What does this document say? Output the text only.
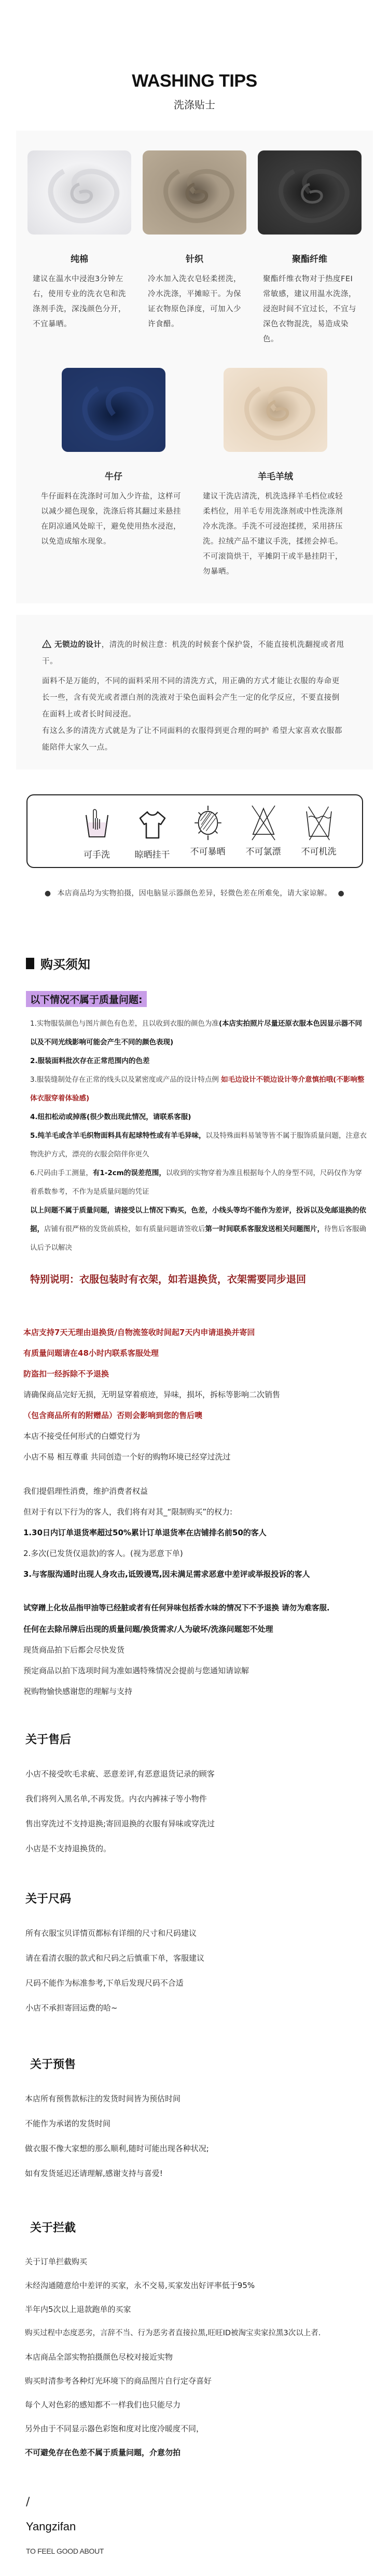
WASHING TIPS
洗涤贴士
纯棉
建议在温水中浸泡3分钟左右，使用专业的洗衣皂和洗涤剂手洗，深浅颜色分开，不宜暴晒。
针织
冷水加入洗衣皂轻柔搓洗，冷水洗涤，平摊晾干。为保证衣物原色泽度，可加入少许食醋。
聚酯纤维
聚酯纤维衣物对于热度FEI常敏感，建议用温水洗涤，浸泡时间不宜过长，不宜与深色衣物混洗，易造成染色。
牛仔
牛仔面料在洗涤时可加入少许盐，这样可以减少褪色现象，洗涤后将其翻过来悬挂在阴凉通风处晾干，避免使用热水浸泡，以免造成缩水现象。
羊毛羊绒
建议干洗店清洗，机洗选择羊毛档位或轻柔档位，用羊毛专用洗涤剂或中性洗涤剂冷水洗涤。手洗不可浸泡揉搓，采用挤压洗。拉绒产品不建议手洗，揉搓会掉毛。不可滚筒烘干，平摊阴干或半悬挂阴干，勿暴晒。

无锁边的设计，清洗的时候注意：机洗的时候套个保护袋，不能直接机洗翻搅或者甩干。

面料不是万能的，不同的面料采用不同的清洗方式，用正确的方式才能让衣服的寿命更长一些，含有荧光或者漂白剂的洗液对于染色面料会产生一定的化学反应，不要直接倒在面料上或者长时间浸泡。

有这么多的清洗方式就是为了让不同面料的衣服得到更合理的呵护 希望大家喜欢衣服都能陪伴大家久一点。

可手洗	晾晒挂干 不可暴晒 不可氯漂 不可机洗
● 本店商品均为实物拍摄，因电脑显示器颜色差异，轻微色差在所难免，请大家谅解。 ●
购买须知
以下情况不属于质量问题:
1.实物服装颜色与图片颜色有色差，且以收到衣服的颜色为准(本店实拍照片尽量还原衣服本色因显示器不同以及不同光线影响可能会产生不同的颜色表现)
2.服装面料批次存在正常范围内的色差
3.服装缝制处存在正常的线头以及紧密度或产品的设计特点例 如毛边设计不锁边设计等介意慎拍哦(不影响整体衣服穿着体验感)
4.纽扣松动或掉落(很少数出现此情况，请联系客服)
5.纯羊毛或含羊毛织物面料具有起球特性或有羊毛异味，以及特殊面料易皱等皆不属于服饰质量问题，注意衣物洗护方式，漂亮的衣服会陪伴你更久
6.尺码由手工测量，有1-2cm的误差范围，以收到的实物穿着为准且根据每个人的身型不同，尺码仅作为穿着系数参考，不作为是质量问题的凭证
以上问题不属于质量问题，请接受以上情况下购买，色差，小线头等均不能作为差评，投诉以及免邮退换的依据，店铺有很严格的发货前质检，如有质量问题请签收后第一时间联系客服发送相关问题图片，待售后客服确认后予以解决
特别说明：衣服包装时有衣架，如若退换货，衣架需要同步退回
本店支持7天无理由退换货/自物流签收时间起7天内申请退换并寄回
有质量问题请在48小时内联系客服处理
防盗扣一经拆除不予退换
请确保商品完好无损，无明显穿着痕迹，异味，损坏，拆标等影响二次销售
（包含商品所有的附赠品）否则会影响到您的售后噢
本店不接受任何形式的白嫖党行为
小店不易 相互尊重 共同创造一个好的购物环境已经穿过洗过
我们提倡理性消费，维护消费者权益
但对于有以下行为的客人，我们将有对其_“限制购买”的权力:
1.30日内订单退货率超过50%累计订单退货率在店铺排名前50的客人
2.多次(已发货仅退款)的客人。(视为恶意下单)
3.与客服沟通时出现人身攻击,诋毁谩骂,因未满足需求恶意中差评或举报投诉的客人
试穿蹭上化妆品指甲油等已经脏或者有任何异味包括香水味的情况下不予退换 请勿为难客服.
任何在去除吊牌后出现的质量问题/换货需求/人为破坏/洗涤问题恕不处理
现货商品拍下后都会尽快发货
预定商品以拍下选项时间为准如遇特殊情况会提前与您通知请谅解
祝购物愉快感谢您的理解与支持
关于售后
小店不接受吹毛求疵、恶意差评,有恶意退货记录的顾客
我们将列入黑名单,不再发货。内衣内裤袜子等小物件
售出穿洗过不支持退换;寄回退换的衣服有异味或穿洗过
小店是不支持退换货的。
关于尺码
所有衣服宝贝详情页都标有详细的尺寸和尺码建议
请在看清衣服的款式和尺码之后慎重下单，客服建议
尺码不能作为标准参考,下单后发现尺码不合适
小店不承担寄回运费的哈~
关于预售
本店所有预售款标注的发货时间皆为预估时间
不能作为承诺的发货时间
做衣服不像大家想的那么顺利,随时可能出现各种状况;
如有发货延迟还请理解,感谢支持与喜爱!
关于拦截
关于订单拦截购买
未经沟通随意给中差评的买家，永不交易,买家发出好评率低于95%
半年内5次以上退款跑单的买家
购买过程中态度恶劣，言辞不当、行为恶劣者直接拉黑,旺旺ID被淘宝卖家拉黑3次以上者.
本店商品全部实物拍摄颜色尽校对接近实物
购买时清参考各种灯光环境下的商品图片自行定夺喜好
每个人对色彩的感知都不一样我们也只能尽力
另外由于不同显示器色彩饱和度对比度冷暖度不同，
不可避免存在色差不属于质量问题，介意勿拍
/
Yangzifan
TO FEEL GOOD ABOUT
